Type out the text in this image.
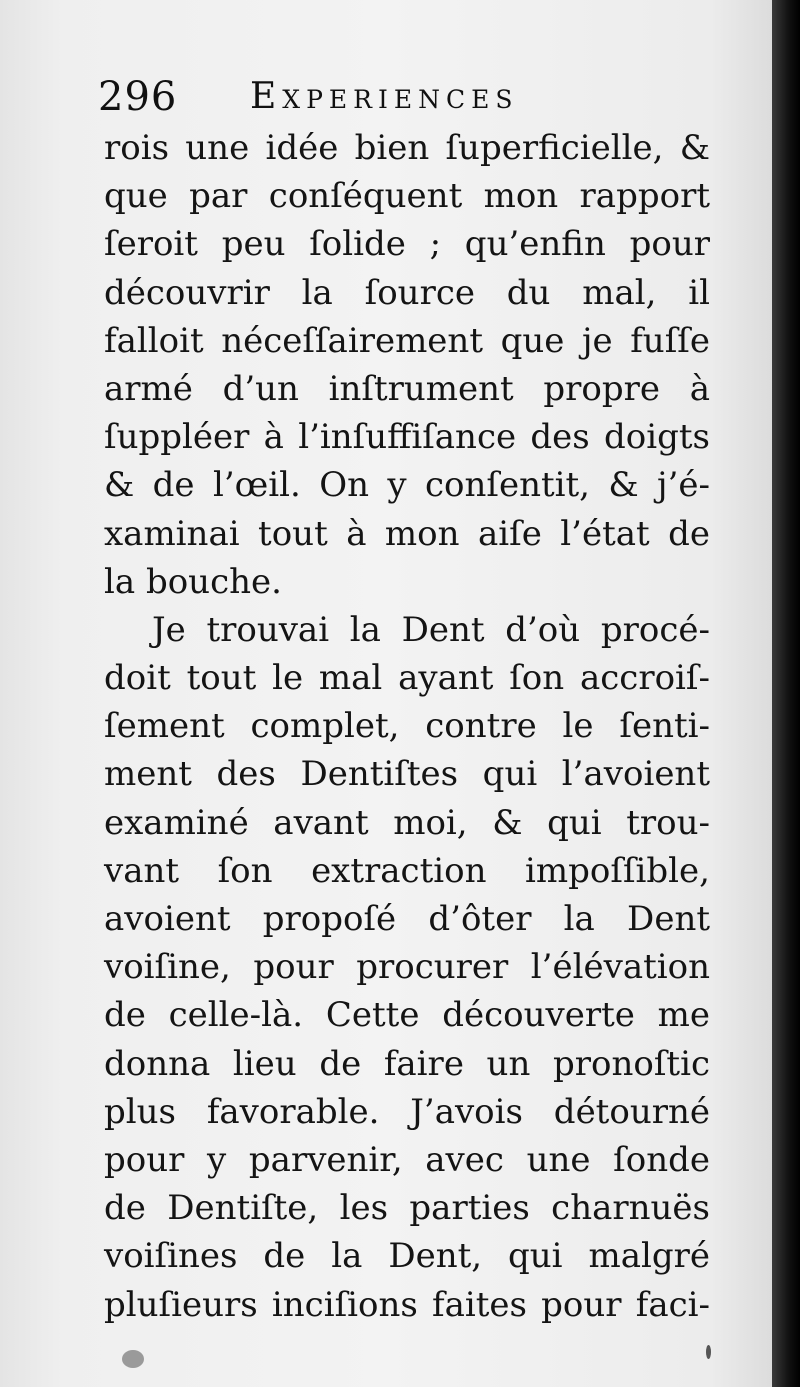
296 Experiences
rois une idée bien ſuperficielle, &
que par conſéquent mon rapport
ſeroit peu ſolide ; qu’enfin pour
découvrir la ſource du mal, il
falloit néceſſairement que je fuſſe
armé d’un inſtrument propre à
ſuppléer à l’inſuffiſance des doigts
& de l’œil. On y conſentit, & j’é-
xaminai tout à mon aiſe l’état de
la bouche.
Je trouvai la Dent d’où procé-
doit tout le mal ayant ſon accroiſ-
ſement complet, contre le ſenti-
ment des Dentiſtes qui l’avoient
examiné avant moi, & qui trou-
vant ſon extraction impoſſible,
avoient propoſé d’ôter la Dent
voiſine, pour procurer l’élévation
de celle-là. Cette découverte me
donna lieu de faire un pronoſtic
plus favorable. J’avois détourné
pour y parvenir, avec une ſonde
de Dentiſte, les parties charnuës
voiſines de la Dent, qui malgré
pluſieurs inciſions faites pour faci-
